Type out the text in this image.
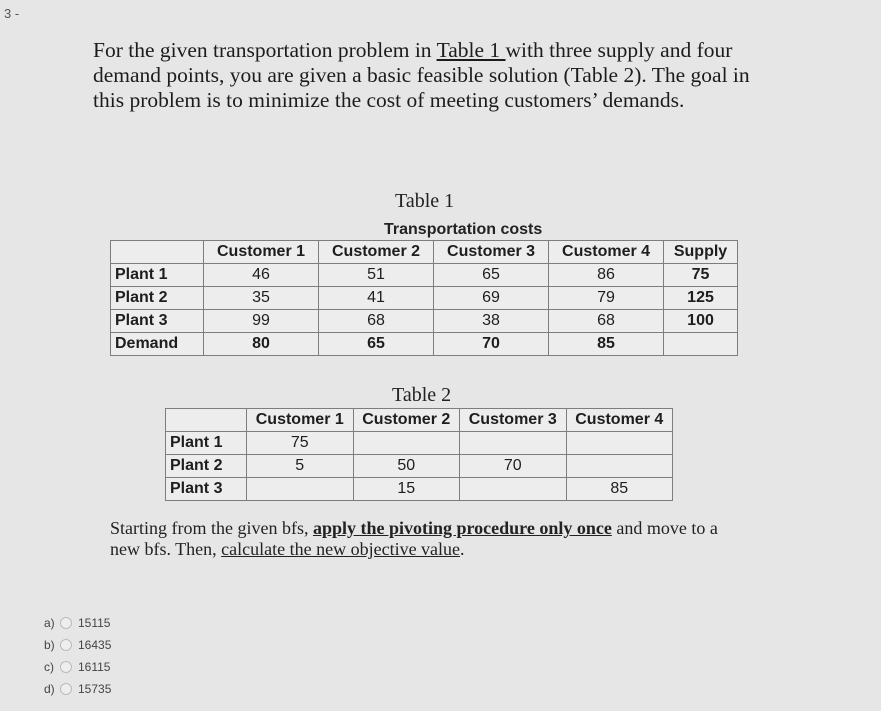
3 -
For the given transportation problem in Table 1 with three supply and four demand points, you are given a basic feasible solution (Table 2). The goal in this problem is to minimize the cost of meeting customers’ demands.
Table 1
Transportation costs
	Customer 1	Customer 2	Customer 3	Customer 4	Supply
Plant 1	46	51	65	86	75
Plant 2	35	41	69	79	125
Plant 3	99	68	38	68	100
Demand	80	65	70	85	
Table 2
	Customer 1	Customer 2	Customer 3	Customer 4
Plant 1	75			
Plant 2	5	50	70	
Plant 3		15		85
Starting from the given bfs, apply the pivoting procedure only once and move to a new bfs. Then, calculate the new objective value.
a) 15115
b) 16435
c)	16115
d) 15735
